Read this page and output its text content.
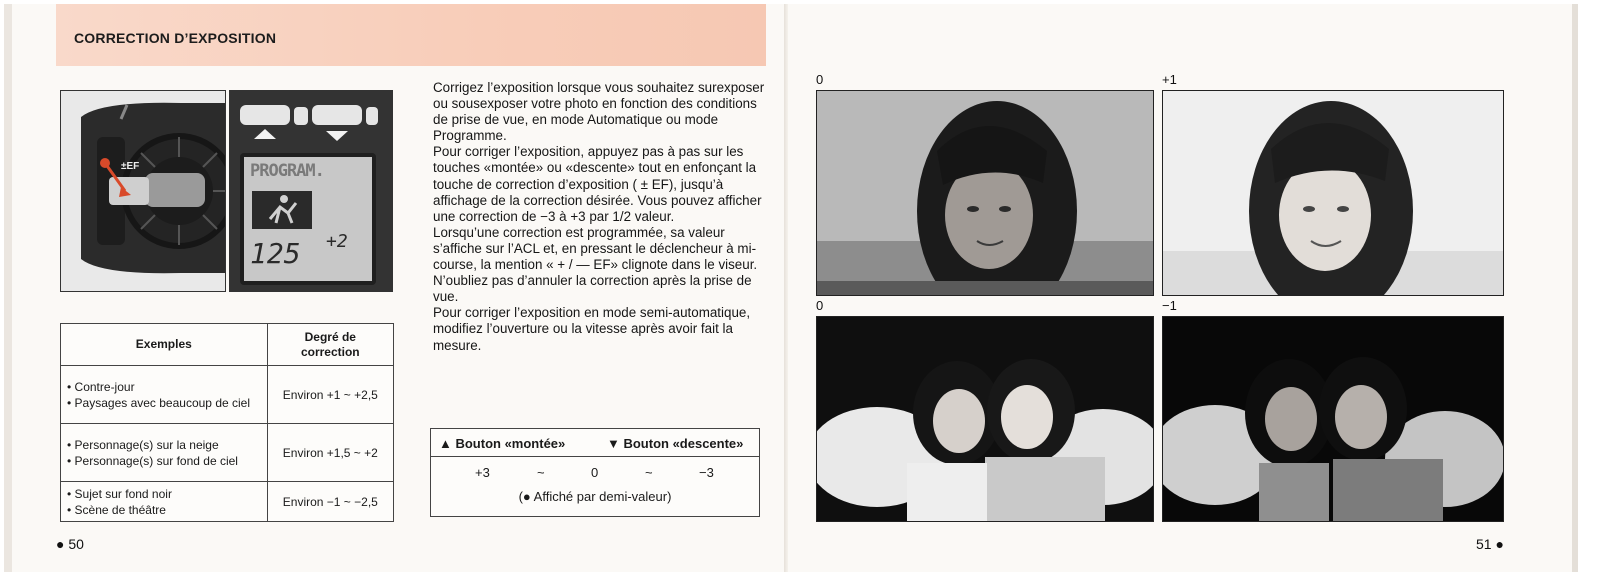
CORRECTION D’EXPOSITION
±EF	PROGRAM.
125 +2
Exemples	Degré de correction

• Contre-jour
• Paysages avec beaucoup de ciel	Environ +1 ~ +2,5

• Personnage(s) sur la neige
• Personnage(s) sur fond de ciel	Environ +1,5 ~ +2

• Sujet sur fond noir
• Scène de théâtre	Environ −1 ~ −2,5

Corrigez l’exposition lorsque vous souhaitez surexposer ou sousexposer votre photo en fonction des conditions de prise de vue, en mode Automatique ou mode Programme.

Pour corriger l’exposition, appuyez pas à pas sur les touches «montée» ou «descente» tout en enfonçant la touche de correction d’exposition ( ± EF), jusqu’à affichage de la correction désirée. Vous pouvez afficher une correction de −3 à +3 par 1/2 valeur.

Lorsqu’une correction est programmée, sa valeur s’affiche sur l’ACL et, en pressant le déclencheur à mi-course, la mention « + / — EF» clignote dans le viseur. N’oubliez pas d’annuler la correction après la prise de vue.

Pour corriger l’exposition en mode semi-automatique, modifiez l’ouverture ou la vitesse après avoir fait la mesure.

▲ Bouton «montée»	▼ Bouton «descente»
+3	~	0	~	−3
(● Affiché par demi-valeur)
● 50
0	+1
0	−1
51 ●
